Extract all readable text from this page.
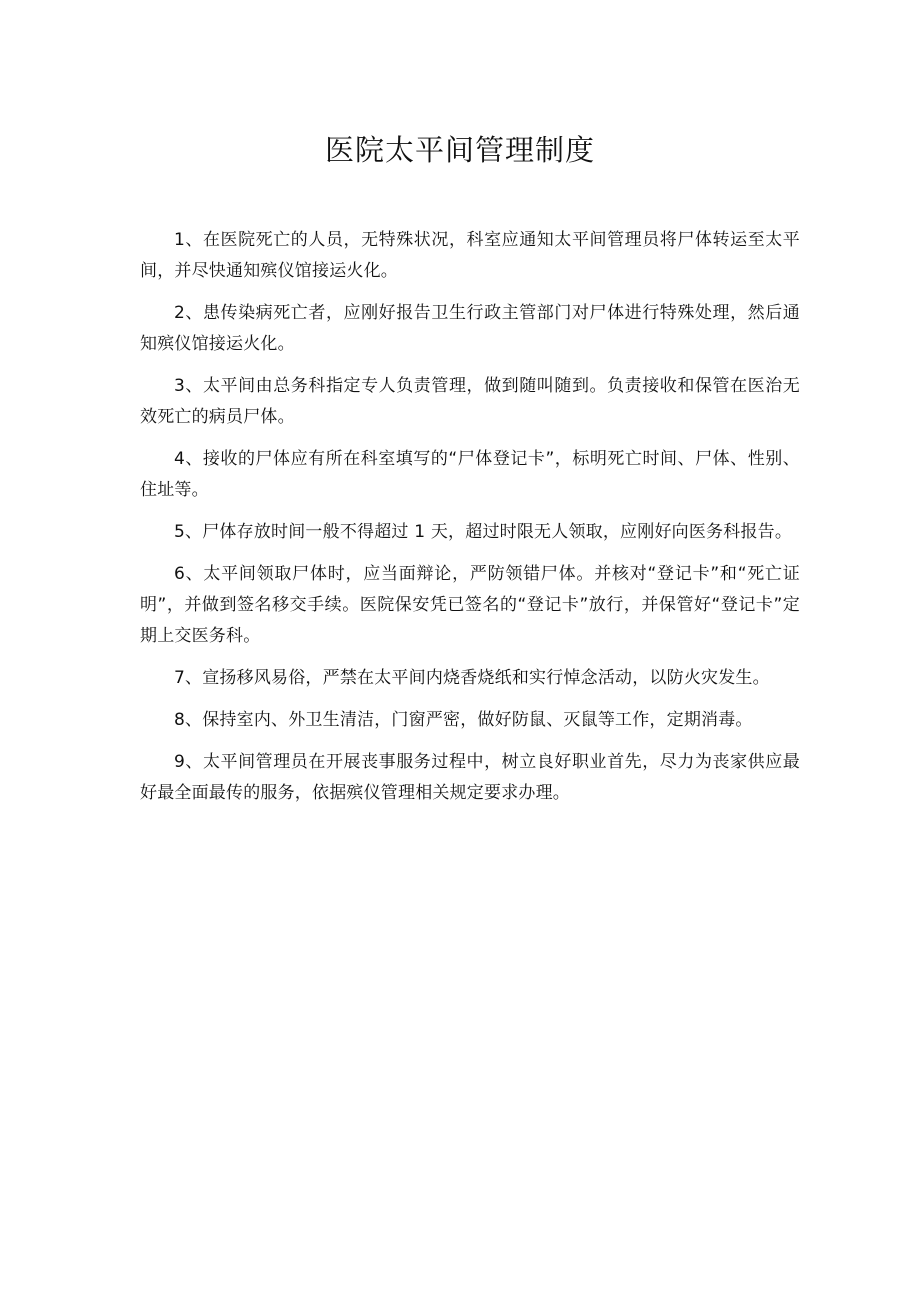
医院太平间管理制度

1、在医院死亡的人员，无特殊状况，科室应通知太平间管理员将尸体转运至太平间，并尽快通知殡仪馆接运火化。

2、患传染病死亡者，应刚好报告卫生行政主管部门对尸体进行特殊处理，然后通知殡仪馆接运火化。

3、太平间由总务科指定专人负责管理，做到随叫随到。负责接收和保管在医治无效死亡的病员尸体。

4、接收的尸体应有所在科室填写的“尸体登记卡”，标明死亡时间、尸体、性别、住址等。

5、尸体存放时间一般不得超过 1 天，超过时限无人领取，应刚好向医务科报告。

6、太平间领取尸体时，应当面辩论，严防领错尸体。并核对“登记卡”和“死亡证明”，并做到签名移交手续。医院保安凭已签名的“登记卡”放行，并保管好“登记卡”定期上交医务科。

7、宣扬移风易俗，严禁在太平间内烧香烧纸和实行悼念活动，以防火灾发生。

8、保持室内、外卫生清洁，门窗严密，做好防鼠、灭鼠等工作，定期消毒。

9、太平间管理员在开展丧事服务过程中，树立良好职业首先，尽力为丧家供应最好最全面最传的服务，依据殡仪管理相关规定要求办理。
